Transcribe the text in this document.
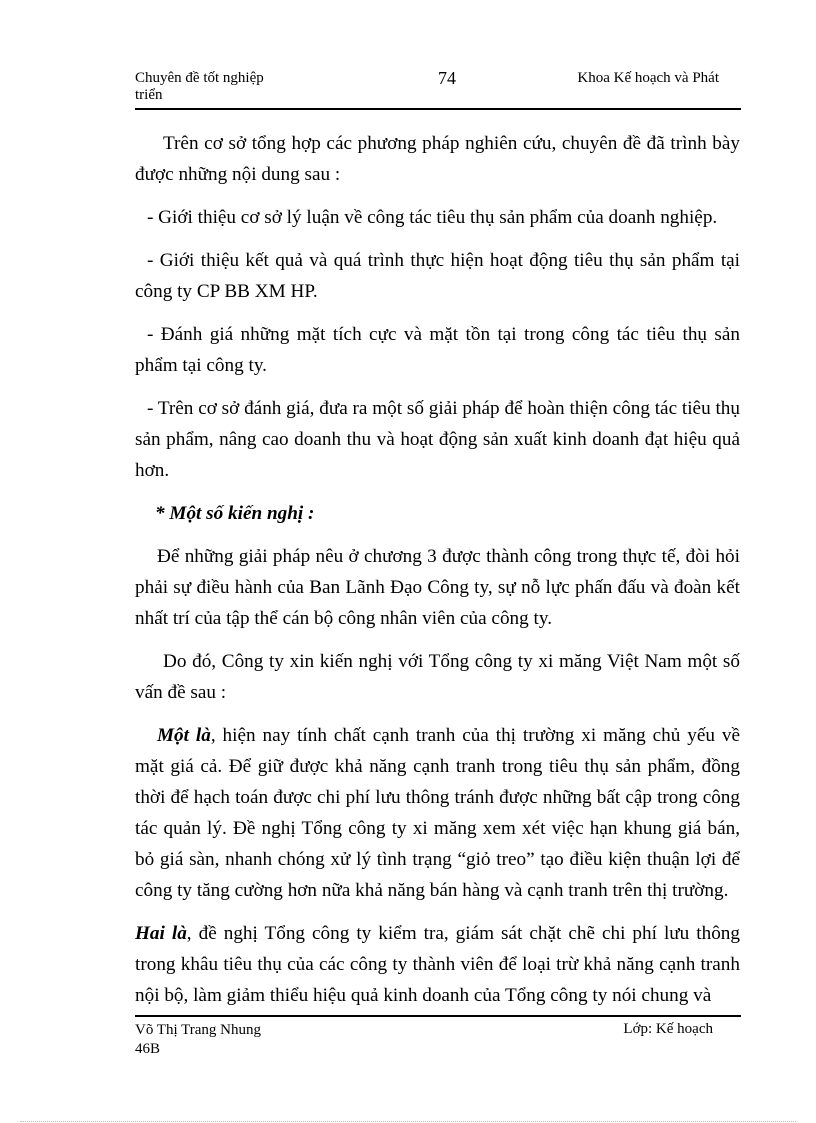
Chuyên đề tốt nghiệp
triển
74	Khoa Kế hoạch và Phát

Trên cơ sở tổng hợp các phương pháp nghiên cứu, chuyên đề đã trình bày được những nội dung sau :

- Giới thiệu cơ sở lý luận về công tác tiêu thụ sản phẩm của doanh nghiệp.

- Giới thiệu kết quả và quá trình thực hiện hoạt động tiêu thụ sản phẩm tại công ty CP BB XM HP.

- Đánh giá những mặt tích cực và mặt tồn tại trong công tác tiêu thụ sản phẩm tại công ty.

- Trên cơ sở đánh giá, đưa ra một số giải pháp để hoàn thiện công tác tiêu thụ sản phẩm, nâng cao doanh thu và hoạt động sản xuất kinh doanh đạt hiệu quả hơn.

* Một số kiến nghị :

Để những giải pháp nêu ở chương 3 được thành công trong thực tế, đòi hỏi phải sự điều hành của Ban Lãnh Đạo Công ty, sự nỗ lực phấn đấu và đoàn kết nhất trí của tập thể cán bộ công nhân viên của công ty.

Do đó, Công ty xin kiến nghị với Tổng công ty xi măng Việt Nam một số vấn đề sau :

Một là, hiện nay tính chất cạnh tranh của thị trường xi măng chủ yếu về mặt giá cả. Để giữ được khả năng cạnh tranh trong tiêu thụ sản phẩm, đồng thời để hạch toán được chi phí lưu thông tránh được những bất cập trong công tác quản lý. Đề nghị Tổng công ty xi măng xem xét việc hạn khung giá bán, bỏ giá sàn, nhanh chóng xử lý tình trạng “giỏ treo” tạo điều kiện thuận lợi để công ty tăng cường hơn nữa khả năng bán hàng và cạnh tranh trên thị trường.

Hai là, đề nghị Tổng công ty kiểm tra, giám sát chặt chẽ chi phí lưu thông trong khâu tiêu thụ của các công ty thành viên để loại trừ khả năng cạnh tranh nội bộ, làm giảm thiểu hiệu quả kinh doanh của Tổng công ty nói chung và

Võ Thị Trang Nhung
46B
Lớp: Kế hoạch
